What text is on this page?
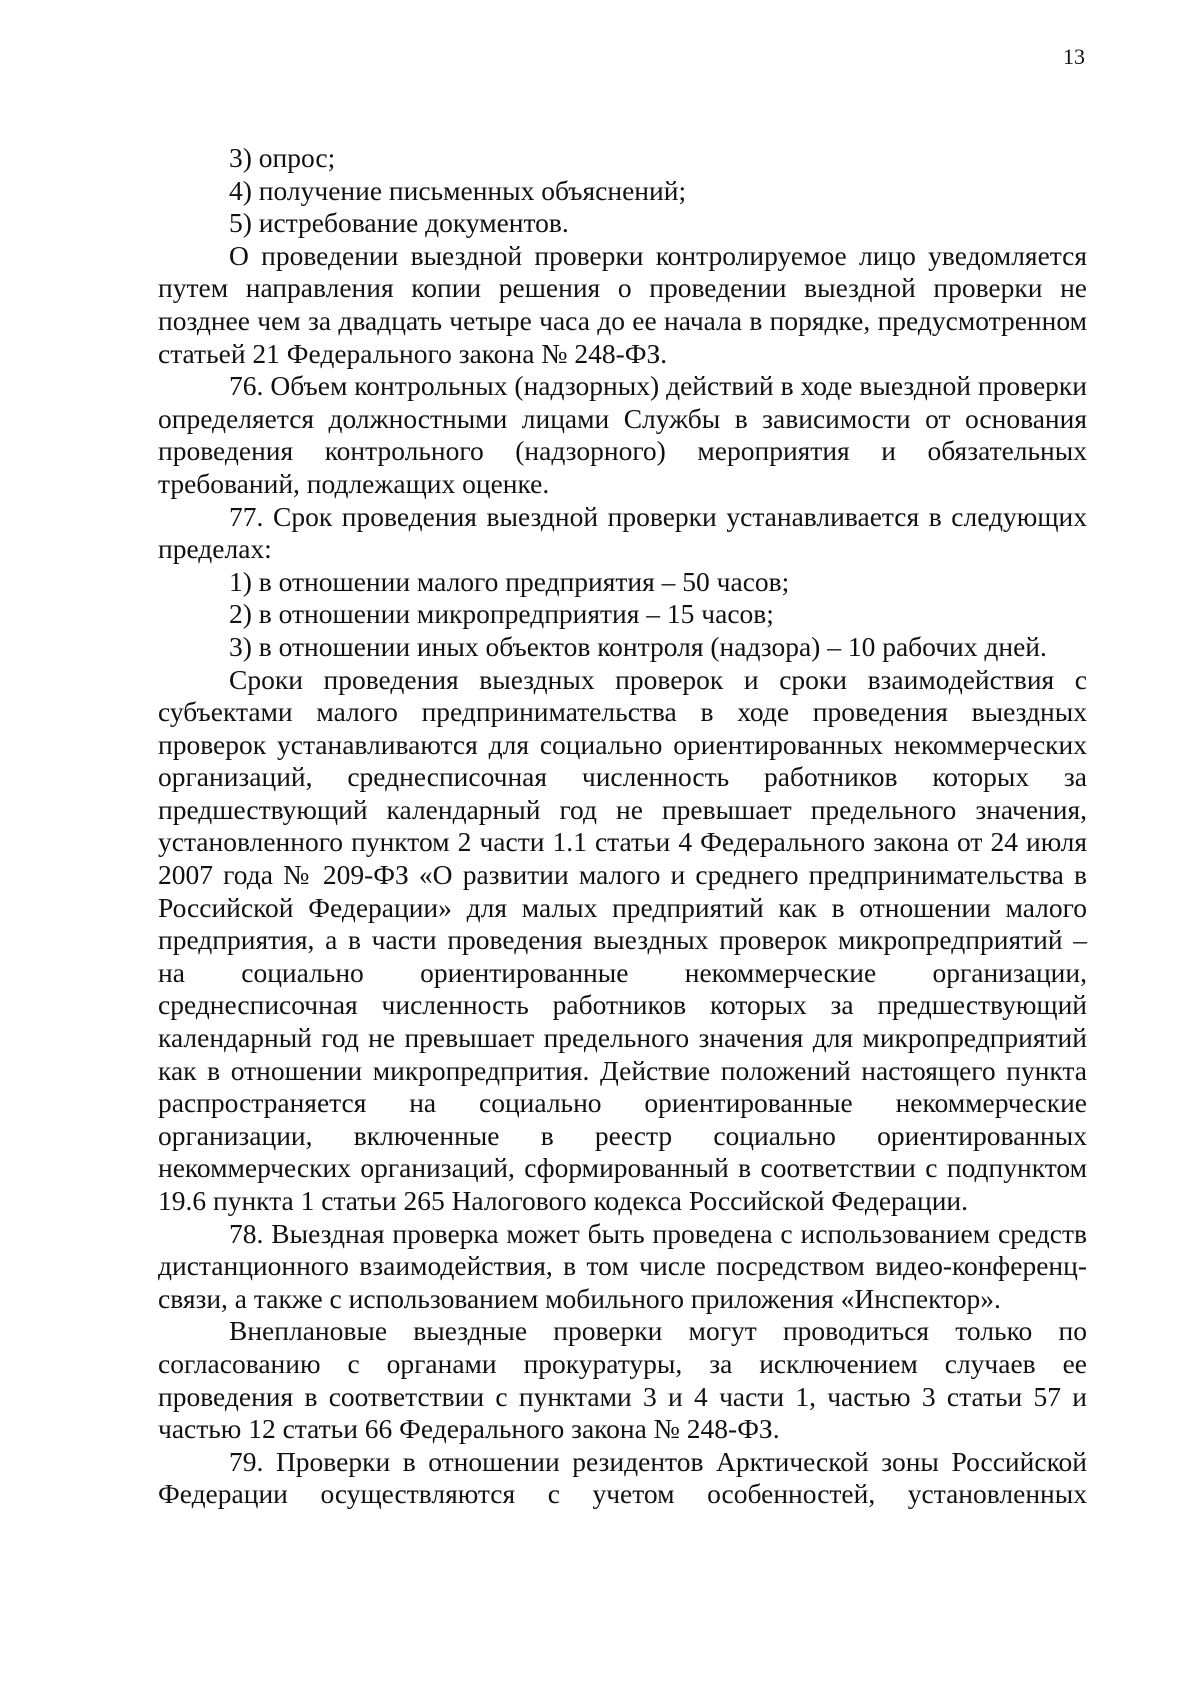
13

3) опрос;

4) получение письменных объяснений;

5) истребование документов.

О проведении выездной проверки контролируемое лицо уведомляется путем направления копии решения о проведении выездной проверки не позднее чем за двадцать четыре часа до ее начала в порядке, предусмотренном статьей 21 Федерального закона № 248-ФЗ.

76. Объем контрольных (надзорных) действий в ходе выездной проверки определяется должностными лицами Службы в зависимости от основания проведения контрольного (надзорного) мероприятия и обязательных требований, подлежащих оценке.

77. Срок проведения выездной проверки устанавливается в следующих пределах:

1) в отношении малого предприятия – 50 часов;

2) в отношении микропредприятия – 15 часов;

3) в отношении иных объектов контроля (надзора) – 10 рабочих дней.

Сроки проведения выездных проверок и сроки взаимодействия с субъектами малого предпринимательства в ходе проведения выездных проверок устанавливаются для социально ориентированных некоммерческих организаций, среднесписочная численность работников которых за предшествующий календарный год не превышает предельного значения, установленного пунктом 2 части 1.1 статьи 4 Федерального закона от 24 июля 2007 года № 209-ФЗ «О развитии малого и среднего предпринимательства в Российской Федерации» для малых предприятий как в отношении малого предприятия, а в части проведения выездных проверок микропредприятий – на социально ориентированные некоммерческие организации, среднесписочная численность работников которых за предшествующий календарный год не превышает предельного значения для микропредприятий как в отношении микропредпрития. Действие положений настоящего пункта распространяется на социально ориентированные некоммерческие организации, включенные в реестр социально ориентированных некоммерческих организаций, сформированный в соответствии с подпунктом 19.6 пункта 1 статьи 265 Налогового кодекса Российской Федерации.

78. Выездная проверка может быть проведена с использованием средств дистанционного взаимодействия, в том числе посредством видео-конференц-связи, а также с использованием мобильного приложения «Инспектор».

Внеплановые выездные проверки могут проводиться только по согласованию с органами прокуратуры, за исключением случаев ее проведения в соответствии с пунктами 3 и 4 части 1, частью 3 статьи 57 и частью 12 статьи 66 Федерального закона № 248-ФЗ.

79. Проверки в отношении резидентов Арктической зоны Российской Федерации осуществляются с учетом особенностей, установленных
